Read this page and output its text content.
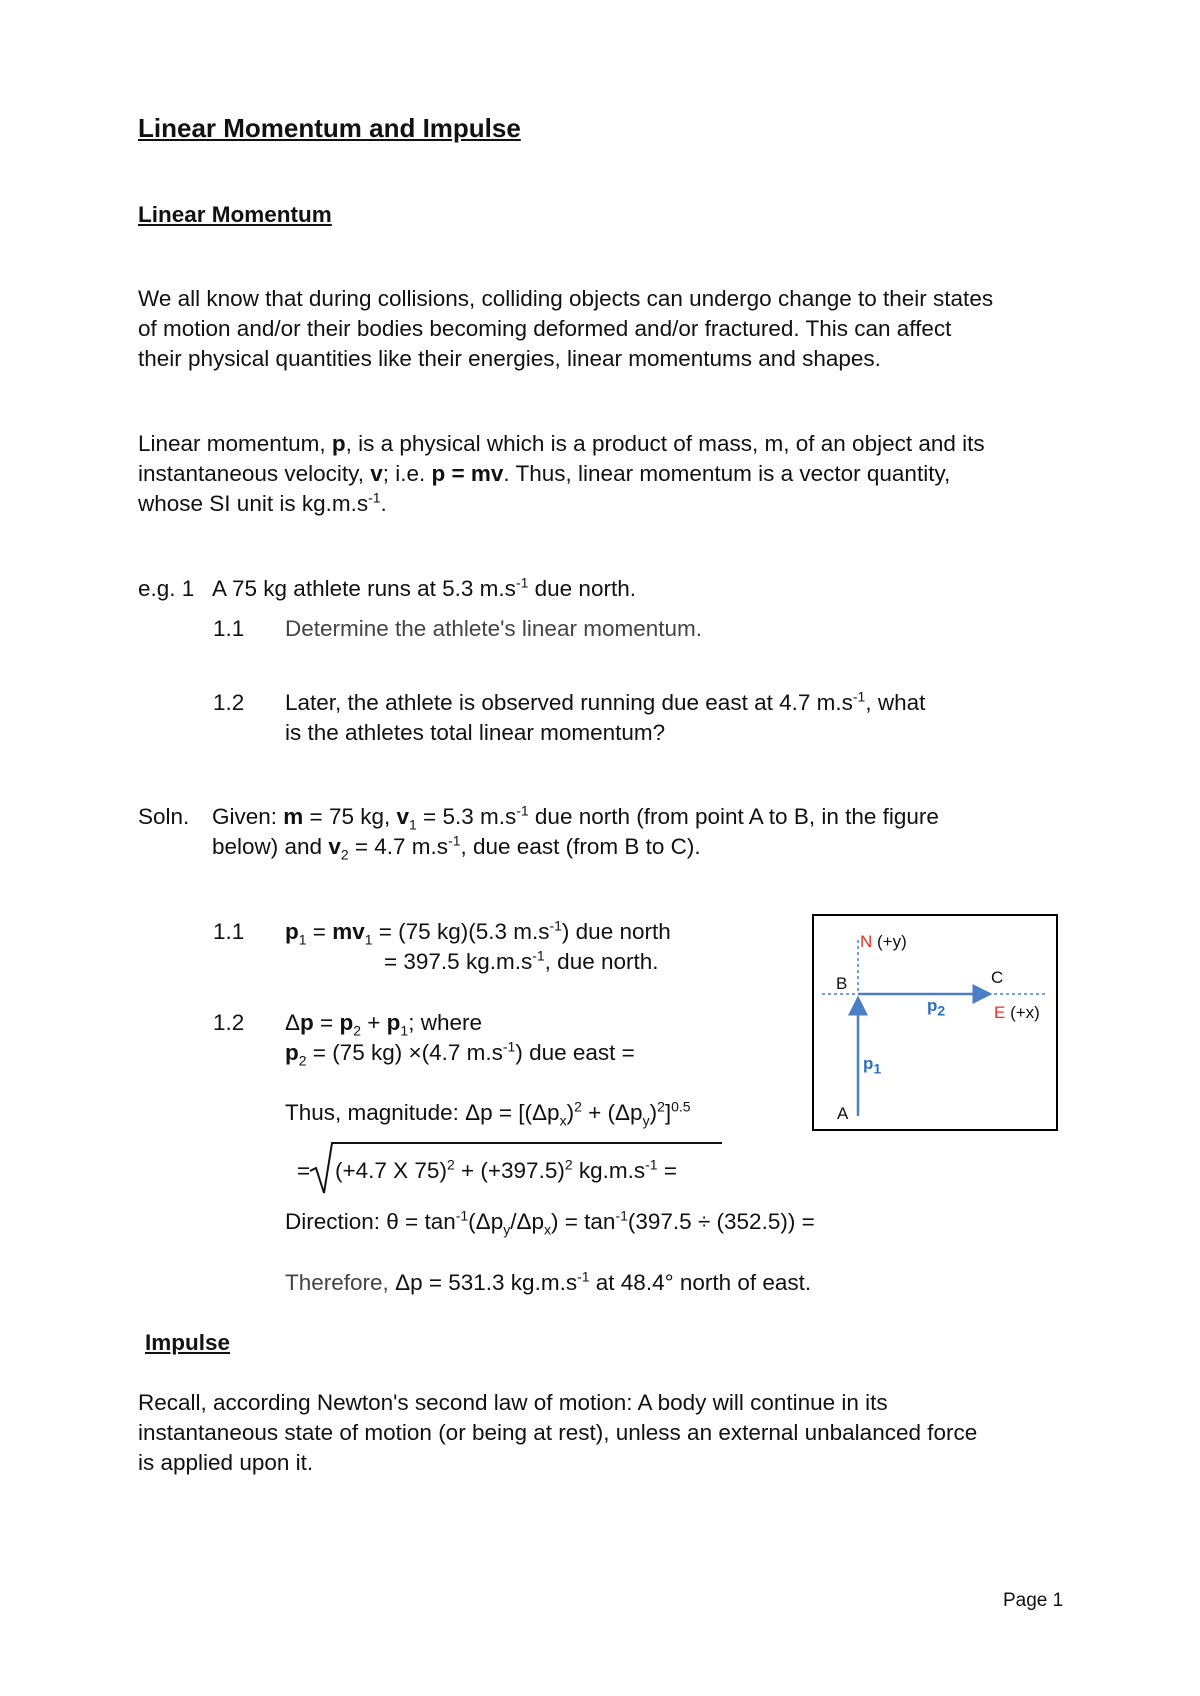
Linear Momentum and Impulse

Linear Momentum

We all know that during collisions, colliding objects can undergo change to their states

of motion and/or their bodies becoming deformed and/or fractured. This can affect

their physical quantities like their energies, linear momentums and shapes.

Linear momentum, p, is a physical which is a product of mass, m, of an object and its

instantaneous velocity, v; i.e. p = mv. Thus, linear momentum is a vector quantity,

whose SI unit is $kg.m.s^{-1}$.

e.g. 1 A 75 kg athlete runs at 5.3 $m.s^{-1}$ due north.

1.1 Determine the athlete's linear momentum.

1.2 Later, the athlete is observed running due east at 4.7 $m.s^{-1}$, what

is the athletes total linear momentum?

Soln. Given: m = 75 kg, $v_1 = 5.3$ $m.s^{-1}$ due north (from point A to B, in the figure

below) and $v_2 = 4.7$ $m.s^{-1}$, due east (from B to C).

1.1 $p_1 = mv_1 = (75$ kg)(5.3 $m.s^{-1}$) due north

= 397.5 $kg.m.s^{-1}$, due north.

1.2 $\Delta p = p_2 + p_1$; where

$p_2 = (75$ kg) ×(4.7 $m.s^{-1}$) due east =

Thus, magnitude: $\Delta p = [(\Delta p_x)^2 + (\Delta p_y)^2]^{0.5}$

= (+4.7 X $75)^2 + (+397.5)^2$ $kg.m.s^{-1}$ =

Direction: $\theta = \tan^{-1}(\Delta p_y/\Delta p_x) = \tan^{-1}(397.5 \div (352.5))$ =

Therefore, Δp = 531.3 $kg.m.s^{-1}$ at 48.4° north of east.

N (+y)
B	C
$p_2$	E (+x)
$p_1$
A

Impulse

Recall, according Newton's second law of motion: A body will continue in its

instantaneous state of motion (or being at rest), unless an external unbalanced force

is applied upon it.

Page 1
